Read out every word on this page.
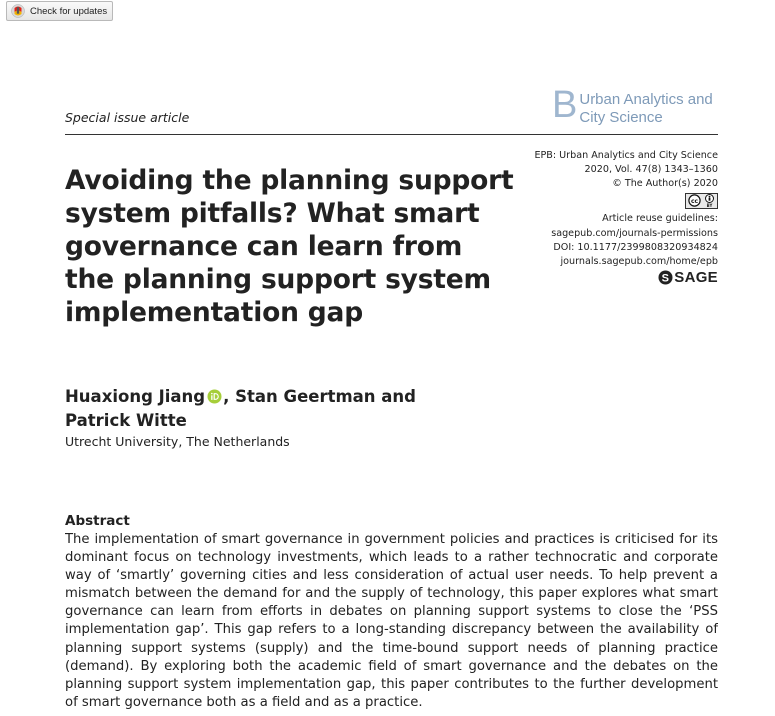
Check for updates
Special issue article	B Urban Analytics and
City Science
Avoiding the planning support system pitfalls? What smart governance can learn from the planning support system implementation gap
EPB: Urban Analytics and City Science
2020, Vol. 47(8) 1343–1360
© The Author(s) 2020
cc BY
Article reuse guidelines:
sagepub.com/journals-permissions
DOI: 10.1177/2399808320934824
journals.sagepub.com/home/epb
S SAGE
Huaxiong Jiang , Stan Geertman and
Patrick Witte
Utrecht University, The Netherlands
Abstract
The implementation of smart governance in government policies and practices is criticised for its dominant focus on technology investments, which leads to a rather technocratic and corporate way of ‘smartly’ governing cities and less consideration of actual user needs. To help prevent a mismatch between the demand for and the supply of technology, this paper explores what smart governance can learn from efforts in debates on planning support systems to close the ‘PSS implementation gap’. This gap refers to a long-standing discrepancy between the availability of planning support systems (supply) and the time-bound support needs of planning practice (demand). By exploring both the academic field of smart governance and the debates on the planning support system implementation gap, this paper contributes to the further development of smart governance both as a field and as a practice.
